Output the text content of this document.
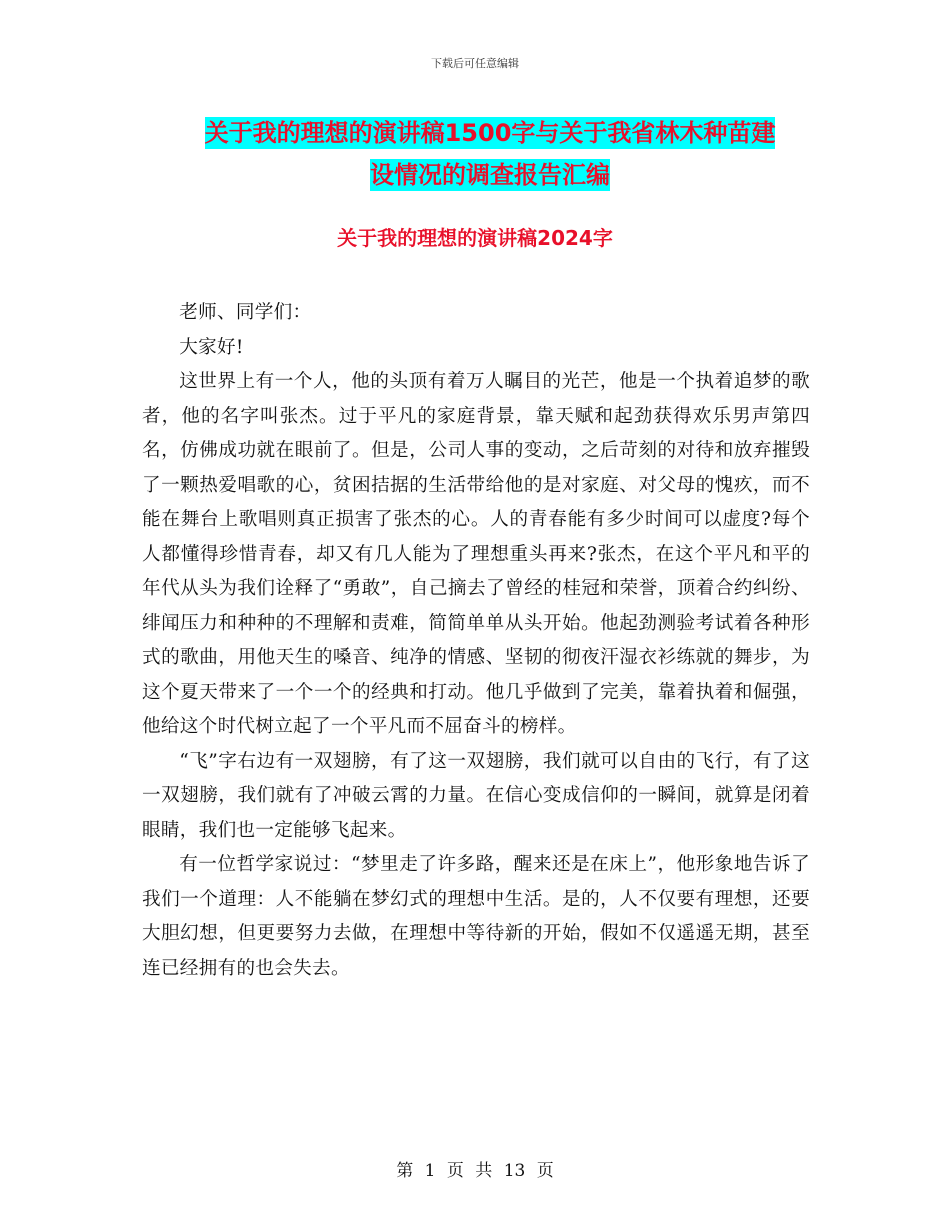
下载后可任意编辑
关于我的理想的演讲稿1500字与关于我省林木种苗建
设情况的调查报告汇编
关于我的理想的演讲稿2024字

老师、同学们：

大家好!

这世界上有一个人，他的头顶有着万人瞩目的光芒，他是一个执着追梦的歌者，他的名字叫张杰。过于平凡的家庭背景，靠天赋和起劲获得欢乐男声第四名，仿佛成功就在眼前了。但是，公司人事的变动，之后苛刻的对待和放弃摧毁了一颗热爱唱歌的心，贫困拮据的生活带给他的是对家庭、对父母的愧疚，而不能在舞台上歌唱则真正损害了张杰的心。人的青春能有多少时间可以虚度?每个人都懂得珍惜青春，却又有几人能为了理想重头再来?张杰，在这个平凡和平的年代从头为我们诠释了“勇敢”，自己摘去了曾经的桂冠和荣誉，顶着合约纠纷、绯闻压力和种种的不理解和责难，简简单单从头开始。他起劲测验考试着各种形式的歌曲，用他天生的嗓音、纯净的情感、坚韧的彻夜汗湿衣衫练就的舞步，为这个夏天带来了一个一个的经典和打动。他几乎做到了完美，靠着执着和倔强，他给这个时代树立起了一个平凡而不屈奋斗的榜样。

“飞”字右边有一双翅膀，有了这一双翅膀，我们就可以自由的飞行，有了这一双翅膀，我们就有了冲破云霄的力量。在信心变成信仰的一瞬间，就算是闭着眼睛，我们也一定能够飞起来。

有一位哲学家说过：“梦里走了许多路，醒来还是在床上”，他形象地告诉了我们一个道理：人不能躺在梦幻式的理想中生活。是的，人不仅要有理想，还要大胆幻想，但更要努力去做，在理想中等待新的开始，假如不仅遥遥无期，甚至连已经拥有的也会失去。

第 1 页 共 13 页
